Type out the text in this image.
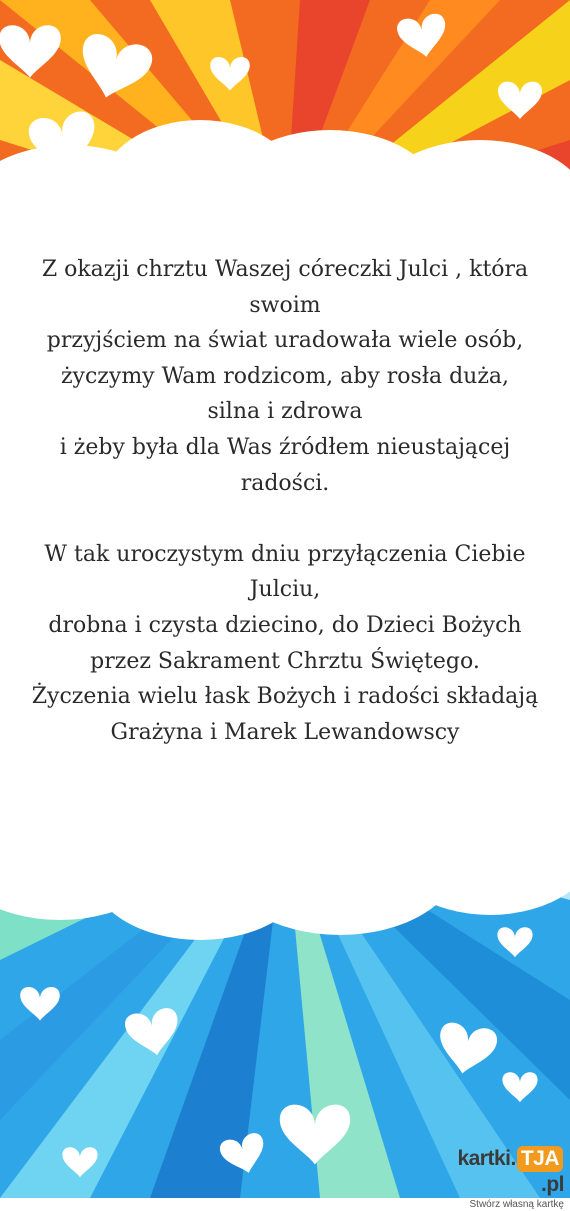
Z okazji chrztu Waszej córeczki Julci , która
swoim
przyjściem na świat uradowała wiele osób,
życzymy Wam rodzicom, aby rosła duża,
silna i zdrowa
i żeby była dla Was źródłem nieustającej
radości.
W tak uroczystym dniu przyłączenia Ciebie
Julciu,
drobna i czysta dziecino, do Dzieci Bożych
przez Sakrament Chrztu Świętego.
Życzenia wielu łask Bożych i radości składają
Grażyna i Marek Lewandowscy
kartki. TJA.pl
Stwórz własną kartkę
